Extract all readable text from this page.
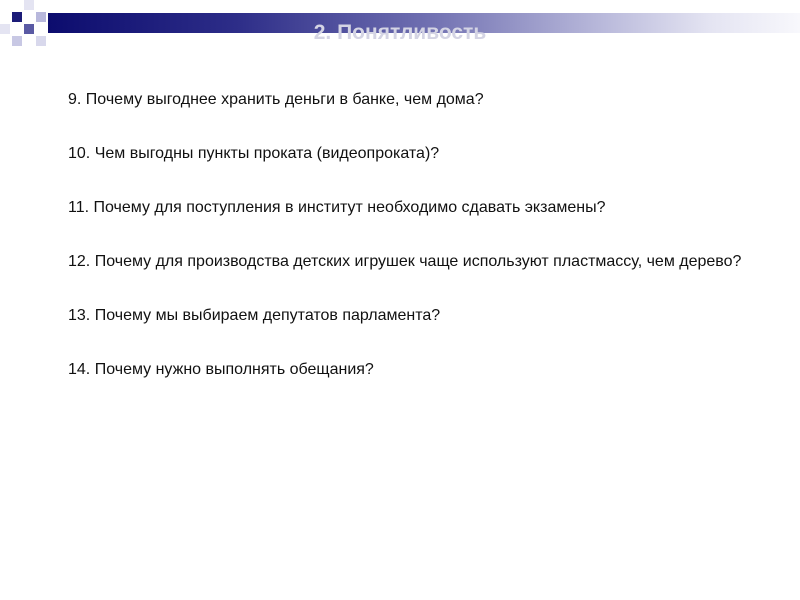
2. Понятливость
9. Почему выгоднее хранить деньги в банке, чем дома?
10. Чем выгодны пункты проката (видеопроката)?
11. Почему для поступления в институт необходимо сдавать экзамены?
12. Почему для производства детских игрушек чаще используют пластмассу, чем дерево?
13. Почему мы выбираем депутатов парламента?
14. Почему нужно выполнять обещания?
